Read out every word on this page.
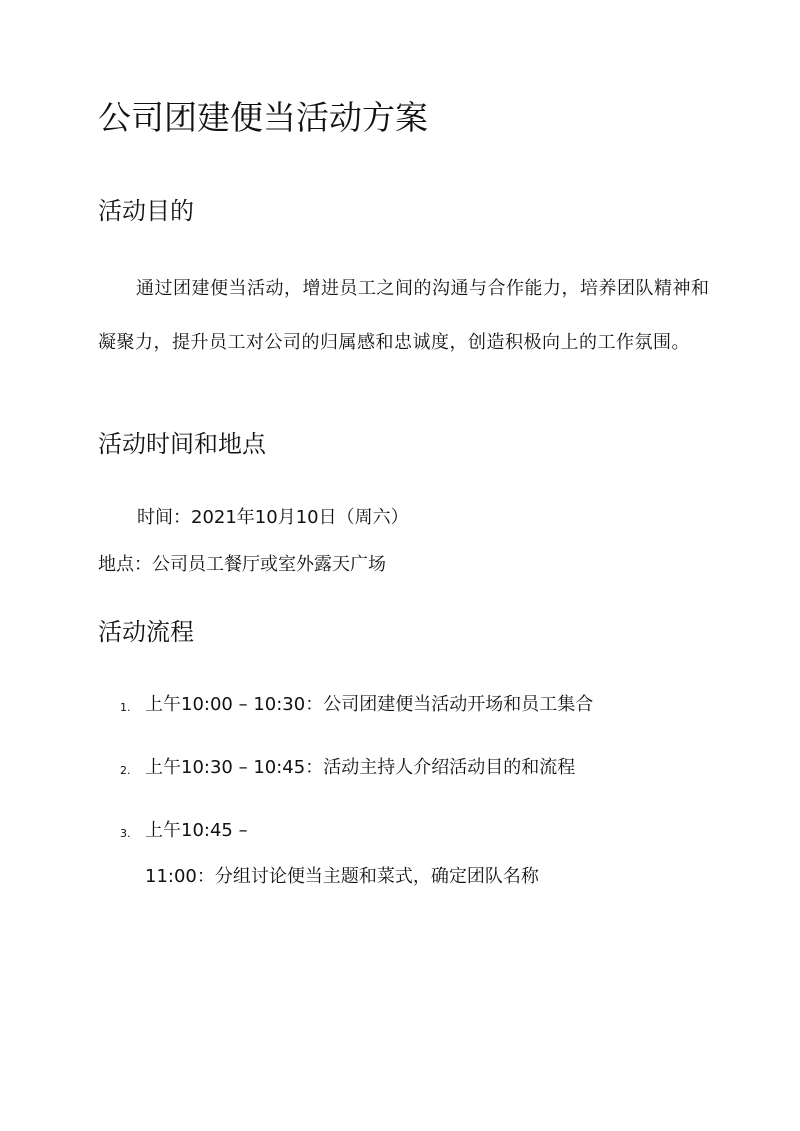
公司团建便当活动方案
活动目的

通过团建便当活动，增进员工之间的沟通与合作能力，培养团队精神和凝聚力，提升员工对公司的归属感和忠诚度，创造积极向上的工作氛围。

活动时间和地点

时间：2021年10月10日（周六）

地点：公司员工餐厅或室外露天广场

活动流程
1. 上午10:00 – 10:30：公司团建便当活动开场和员工集合
2. 上午10:30 – 10:45：活动主持人介绍活动目的和流程
3. 上午10:45 –
11:00：分组讨论便当主题和菜式，确定团队名称
